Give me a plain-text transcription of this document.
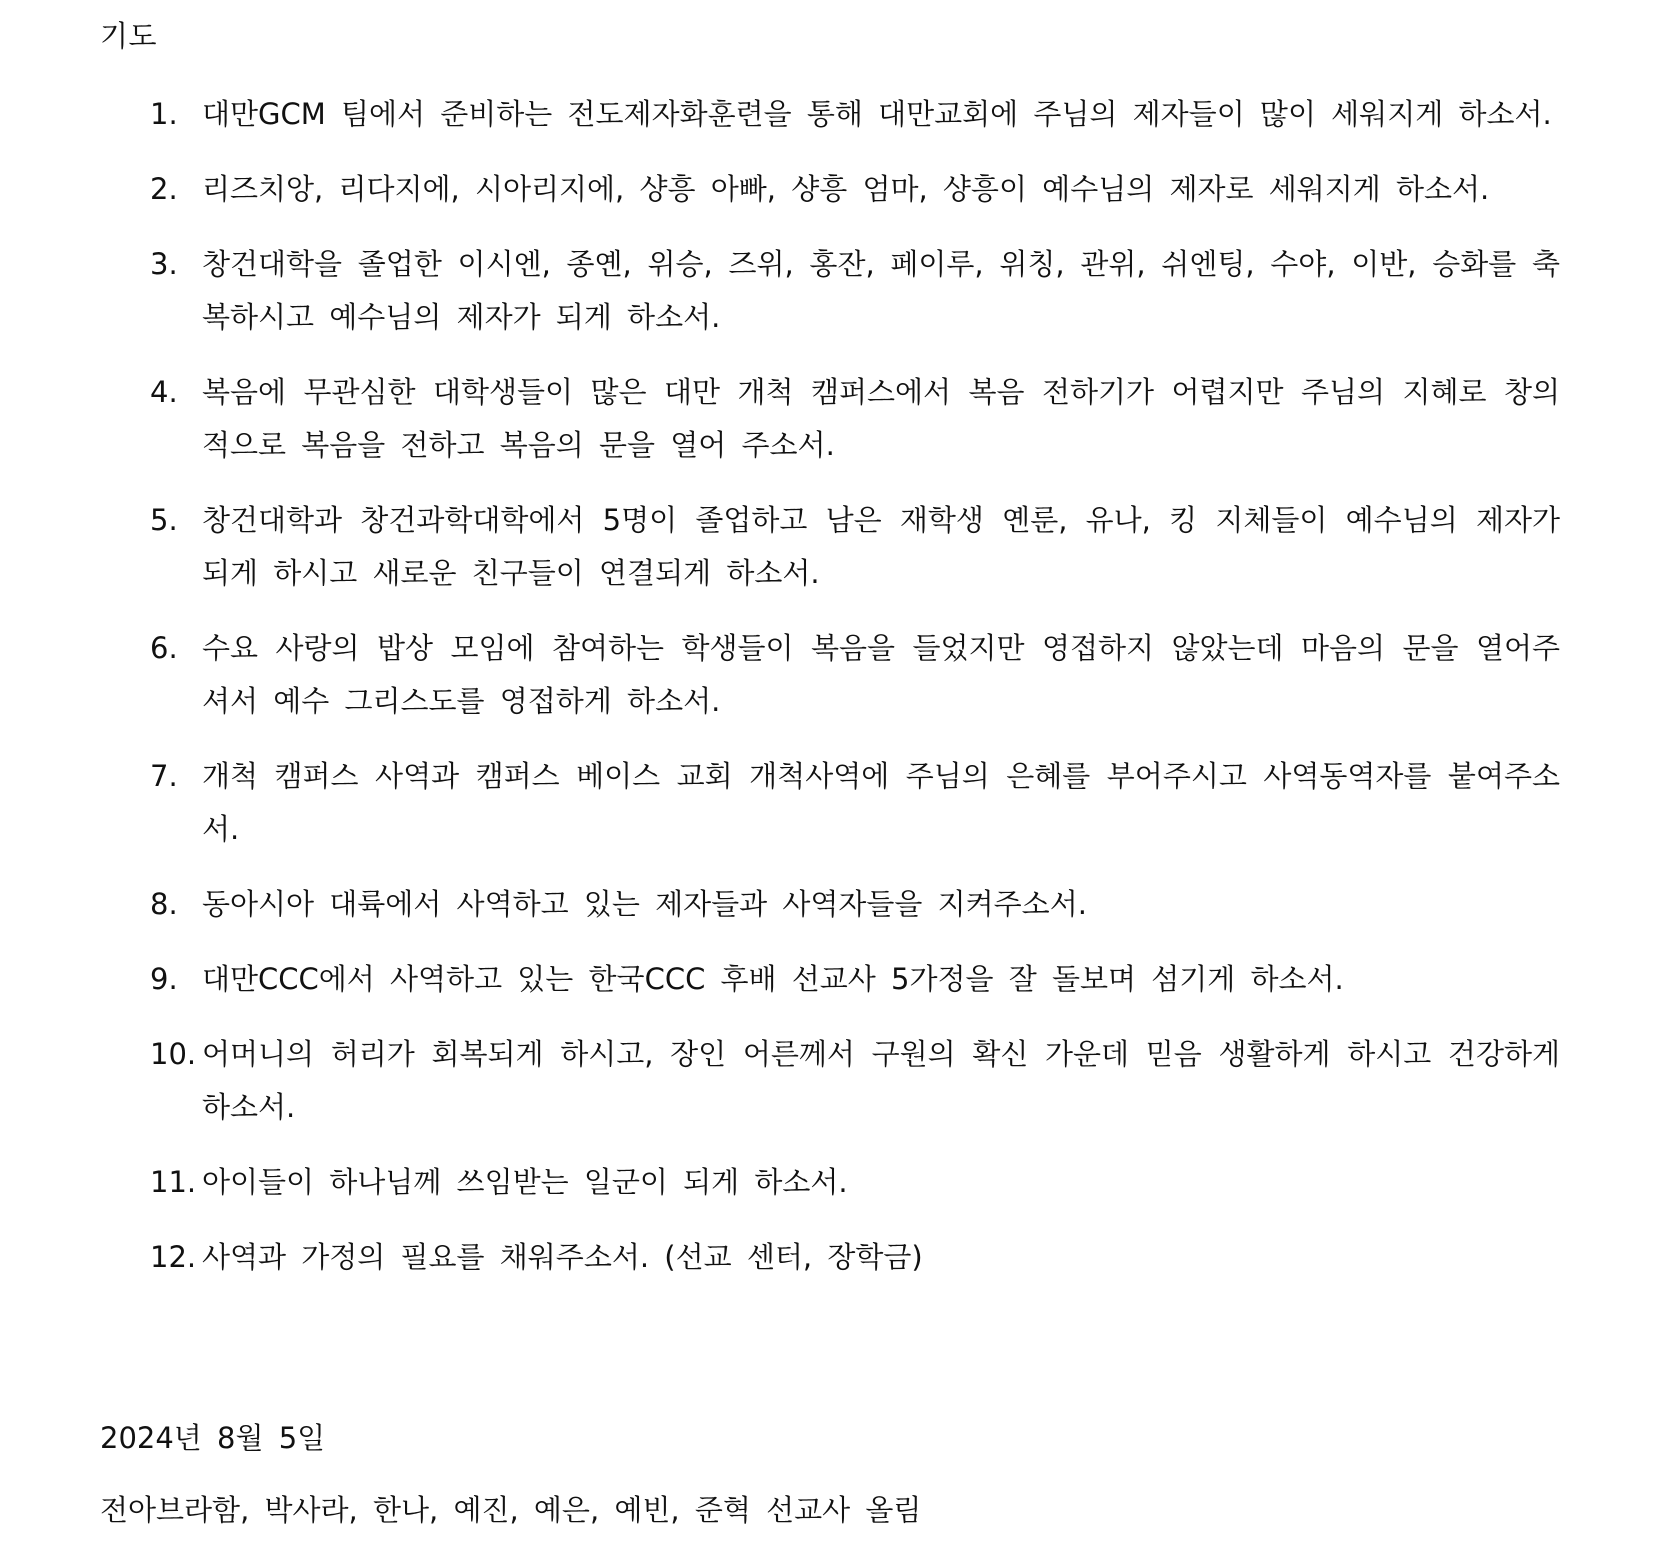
기도
1. 대만GCM 팀에서 준비하는 전도제자화훈련을 통해 대만교회에 주님의 제자들이 많이 세워지게 하소서.
2. 리즈치앙, 리다지에, 시아리지에, 샹흥 아빠, 샹흥 엄마, 샹흥이 예수님의 제자로 세워지게 하소서.
3. 창건대학을 졸업한 이시엔, 종옌, 위승, 즈위, 홍잔, 페이루, 위칭, 관위, 쉬엔팅, 수야, 이반, 승화를 축복하시고 예수님의 제자가 되게 하소서.
4. 복음에 무관심한 대학생들이 많은 대만 개척 캠퍼스에서 복음 전하기가 어렵지만 주님의 지혜로 창의적으로 복음을 전하고 복음의 문을 열어 주소서.
5. 창건대학과 창건과학대학에서 5명이 졸업하고 남은 재학생 옌룬, 유나, 킹 지체들이 예수님의 제자가 되게 하시고 새로운 친구들이 연결되게 하소서.
6. 수요 사랑의 밥상 모임에 참여하는 학생들이 복음을 들었지만 영접하지 않았는데 마음의 문을 열어주셔서 예수 그리스도를 영접하게 하소서.
7. 개척 캠퍼스 사역과 캠퍼스 베이스 교회 개척사역에 주님의 은혜를 부어주시고 사역동역자를 붙여주소서.
8. 동아시아 대륙에서 사역하고 있는 제자들과 사역자들을 지켜주소서.
9. 대만CCC에서 사역하고 있는 한국CCC 후배 선교사 5가정을 잘 돌보며 섬기게 하소서.
10. 어머니의 허리가 회복되게 하시고, 장인 어른께서 구원의 확신 가운데 믿음 생활하게 하시고 건강하게 하소서.
11. 아이들이 하나님께 쓰임받는 일군이 되게 하소서.
12. 사역과 가정의 필요를 채워주소서. (선교 센터, 장학금)
2024년 8월 5일
전아브라함, 박사라, 한나, 예진, 예은, 예빈, 준혁 선교사 올림
